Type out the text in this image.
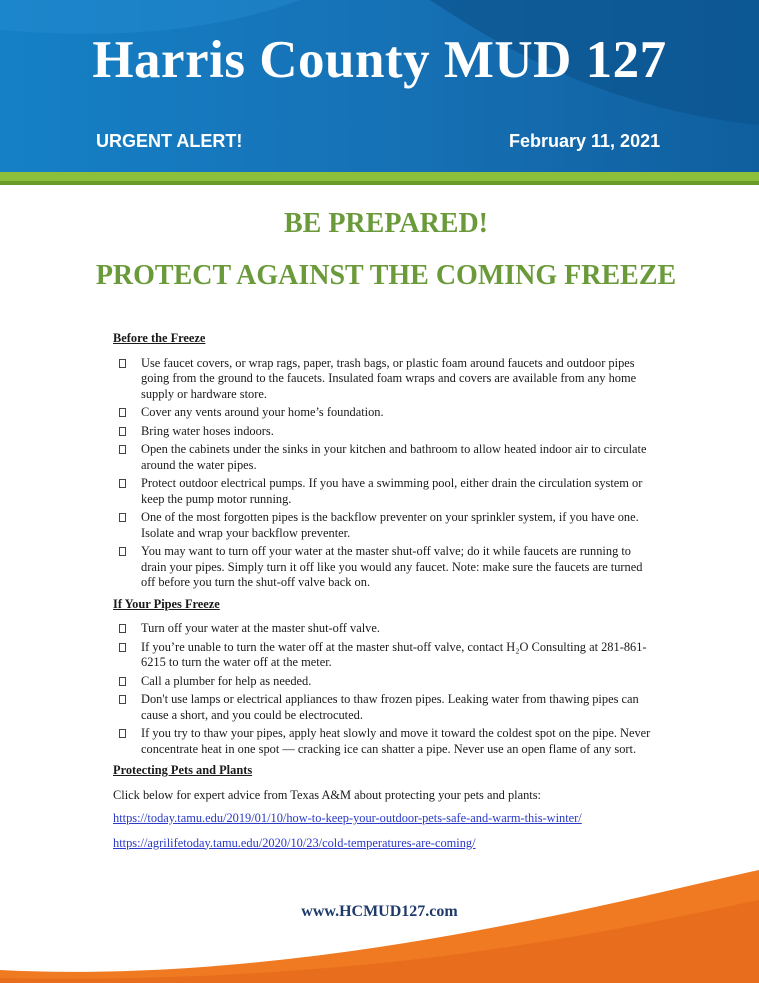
Harris County MUD 127
URGENT ALERT!	February 11, 2021
BE PREPARED!
PROTECT AGAINST THE COMING FREEZE
Before the Freeze
Use faucet covers, or wrap rags, paper, trash bags, or plastic foam around faucets and outdoor pipes going from the ground to the faucets. Insulated foam wraps and covers are available from any home supply or hardware store.
Cover any vents around your home’s foundation.
Bring water hoses indoors.
Open the cabinets under the sinks in your kitchen and bathroom to allow heated indoor air to circulate around the water pipes.
Protect outdoor electrical pumps. If you have a swimming pool, either drain the circulation system or keep the pump motor running.
One of the most forgotten pipes is the backflow preventer on your sprinkler system, if you have one. Isolate and wrap your backflow preventer.
You may want to turn off your water at the master shut-off valve; do it while faucets are running to drain your pipes. Simply turn it off like you would any faucet. Note: make sure the faucets are turned off before you turn the shut-off valve back on.
If Your Pipes Freeze
Turn off your water at the master shut-off valve.
If you’re unable to turn the water off at the master shut-off valve, contact H₂O Consulting at 281-861-6215 to turn the water off at the meter.
Call a plumber for help as needed.
Don't use lamps or electrical appliances to thaw frozen pipes. Leaking water from thawing pipes can cause a short, and you could be electrocuted.
If you try to thaw your pipes, apply heat slowly and move it toward the coldest spot on the pipe. Never concentrate heat in one spot — cracking ice can shatter a pipe. Never use an open flame of any sort.
Protecting Pets and Plants
Click below for expert advice from Texas A&M about protecting your pets and plants:
https://today.tamu.edu/2019/01/10/how-to-keep-your-outdoor-pets-safe-and-warm-this-winter/
https://agrilifetoday.tamu.edu/2020/10/23/cold-temperatures-are-coming/
www.HCMUD127.com
